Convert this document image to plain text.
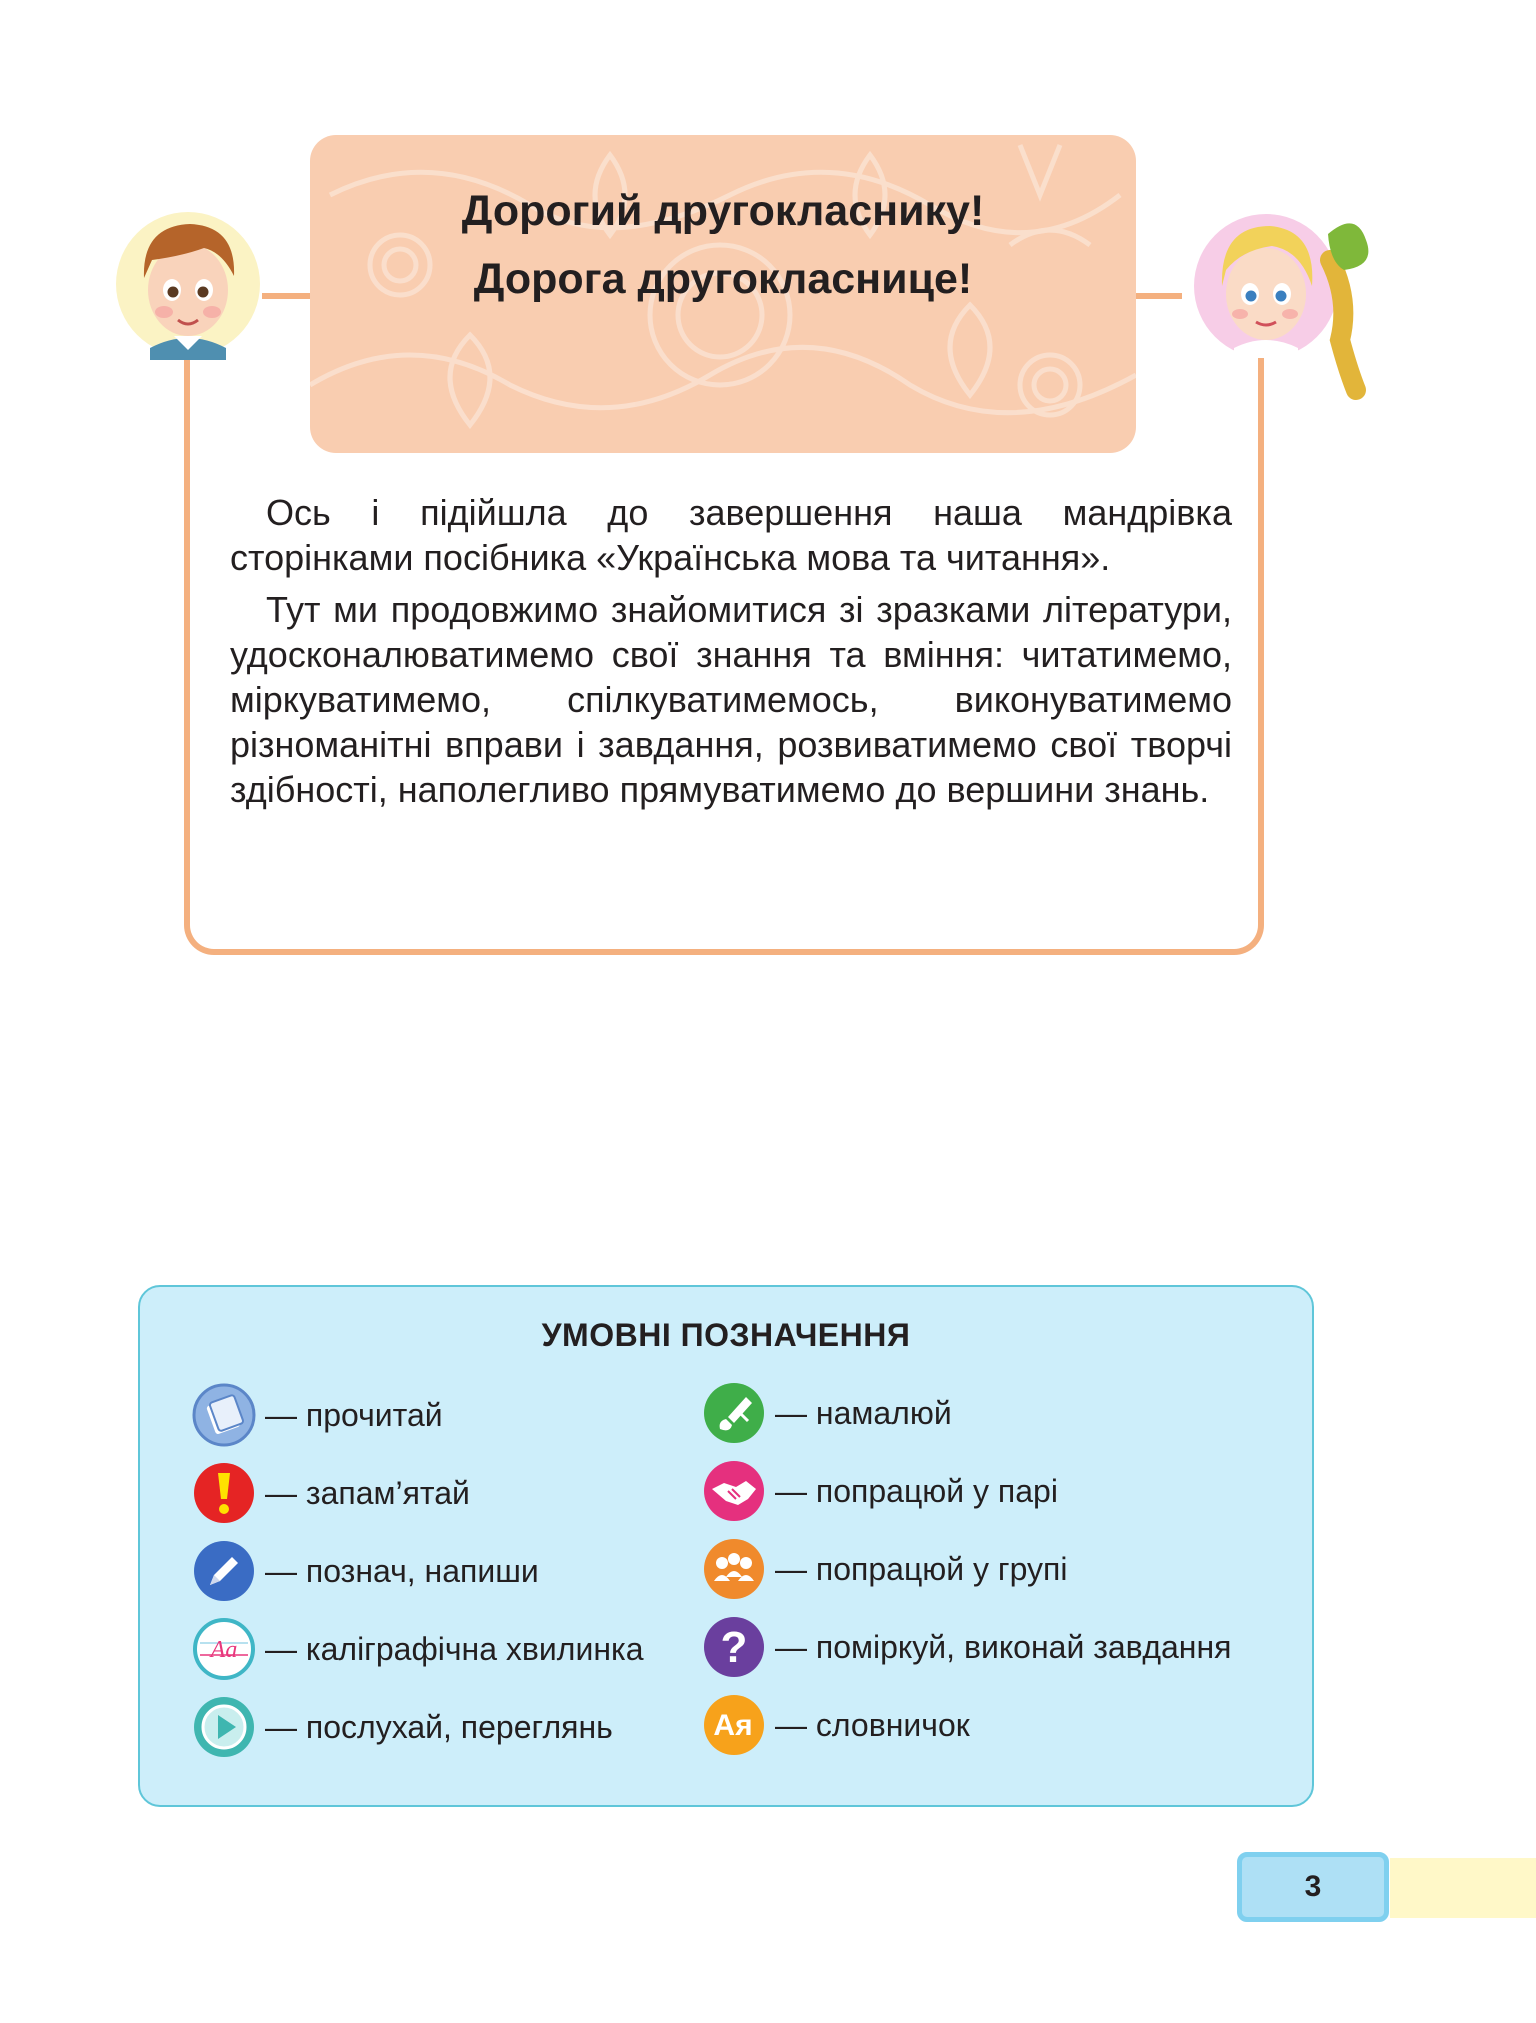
Дорогий другокласнику!
Дорога другокласнице!

Ось і підійшла до завершення наша мандрівка сторінками посібника «Українська мова та читання».

Тут ми продовжимо знайомитися зі зразками літератури, удосконалюватимемо свої знання та вміння: читатимемо, міркуватимемо, спілкуватимемось, виконуватимемо різноманітні вправи і завдання, розвиватимемо свої творчі здібності, наполегливо прямуватимемо до вершини знань.

УМОВНІ ПОЗНАЧЕННЯ
— прочитай
— запам’ятай
— познач, напиши
Aa — каліграфічна хвилинка
— послухай, переглянь
— намалюй
— попрацюй у парі
— попрацюй у групі
? — поміркуй, виконай завдання
Ая — словничок
3
